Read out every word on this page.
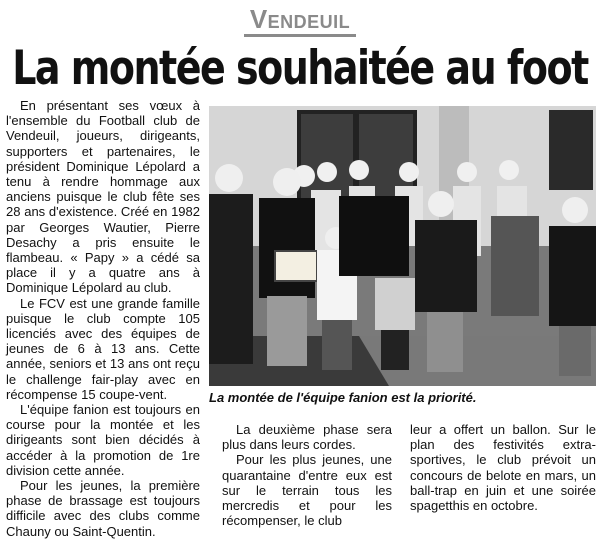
Vendeuil
La montée souhaitée au foot

En présentant ses vœux à l'ensemble du Football club de Vendeuil, joueurs, dirigeants, supporters et partenaires, le président Dominique Lépolard a tenu à rendre hommage aux anciens puisque le club fête ses 28 ans d'existence. Créé en 1982 par Georges Wautier, Pierre Desachy a pris ensuite le flambeau. « Papy » a cédé sa place il y a quatre ans à Dominique Lépolard au club.

Le FCV est une grande famille puisque le club compte 105 licenciés avec des équipes de jeunes de 6 à 13 ans. Cette année, seniors et 13 ans ont reçu le challenge fair-play avec en récompense 15 coupe-vent.

L'équipe fanion est toujours en course pour la montée et les dirigeants sont bien décidés à accéder à la promotion de 1re division cette année.

Pour les jeunes, la première phase de brassage est toujours difficile avec des clubs comme Chauny ou Saint-Quentin.

La montée de l'équipe fanion est la priorité.

La deuxième phase sera plus dans leurs cordes.

Pour les plus jeunes, une quarantaine d'entre eux est sur le terrain tous les mercredis et pour les récompenser, le club

leur a offert un ballon. Sur le plan des festivités extra-sportives, le club prévoit un concours de belote en mars, un ball-trap en juin et une soirée spagetthis en octobre.
